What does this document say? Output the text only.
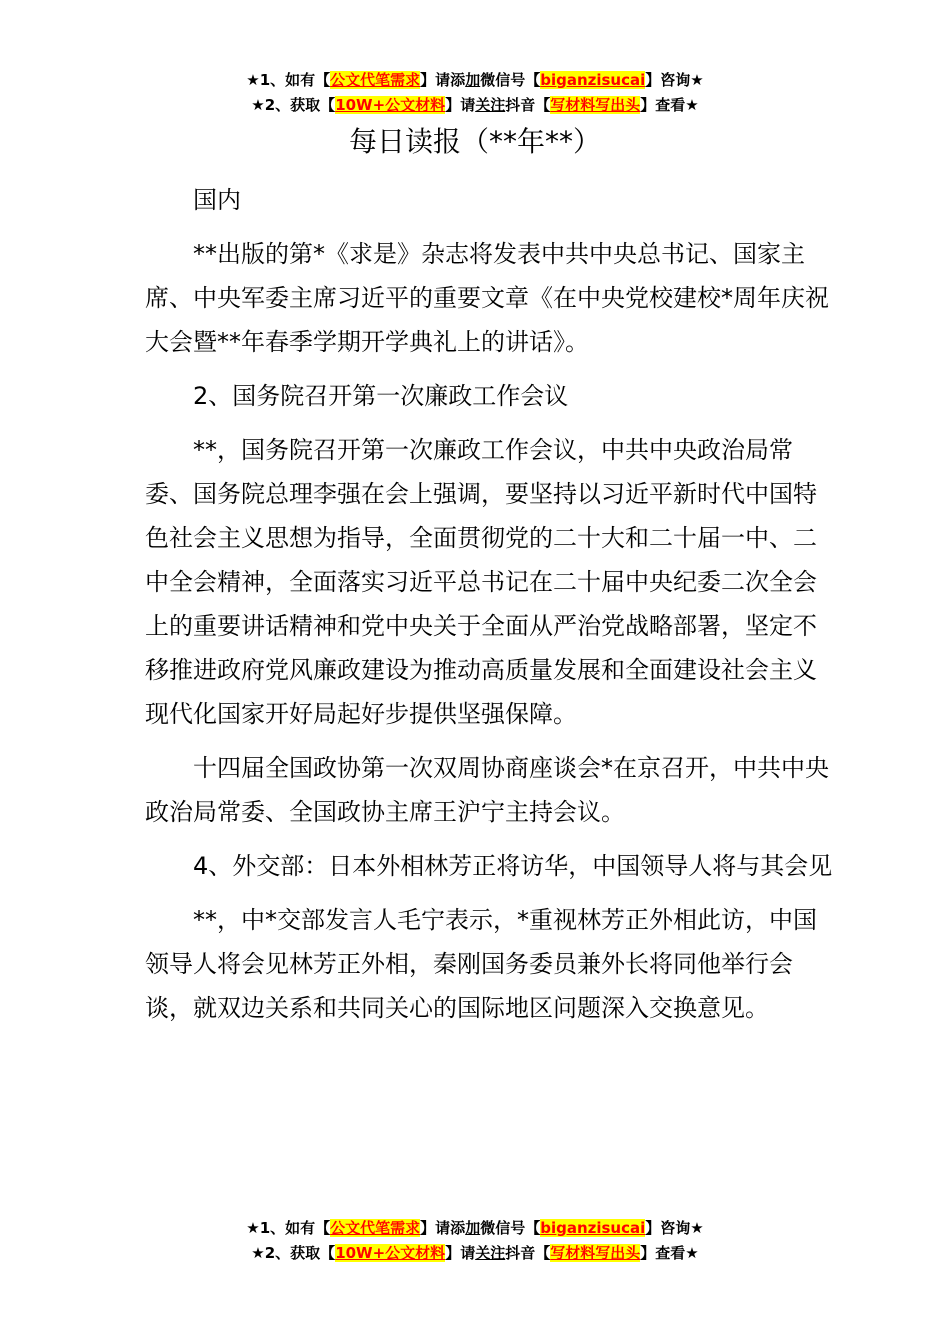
★1、如有【公文代笔需求】请添加微信号【biganzisucai】咨询★
★2、获取【10W+公文材料】请关注抖音【写材料写出头】查看★
每日读报（**年**）

国内

**出版的第*《求是》杂志将发表中共中央总书记、国家主席、中央军委主席习近平的重要文章《在中央党校建校*周年庆祝大会暨**年春季学期开学典礼上的讲话》。

2、国务院召开第一次廉政工作会议

**，国务院召开第一次廉政工作会议，中共中央政治局常委、国务院总理李强在会上强调，要坚持以习近平新时代中国特色社会主义思想为指导，全面贯彻党的二十大和二十届一中、二中全会精神，全面落实习近平总书记在二十届中央纪委二次全会上的重要讲话精神和党中央关于全面从严治党战略部署，坚定不移推进政府党风廉政建设为推动高质量发展和全面建设社会主义现代化国家开好局起好步提供坚强保障。

十四届全国政协第一次双周协商座谈会*在京召开，中共中央政治局常委、全国政协主席王沪宁主持会议。

4、外交部：日本外相林芳正将访华，中国领导人将与其会见

**，中*交部发言人毛宁表示，*重视林芳正外相此访，中国领导人将会见林芳正外相，秦刚国务委员兼外长将同他举行会谈，就双边关系和共同关心的国际地区问题深入交换意见。

★1、如有【公文代笔需求】请添加微信号【biganzisucai】咨询★
★2、获取【10W+公文材料】请关注抖音【写材料写出头】查看★
